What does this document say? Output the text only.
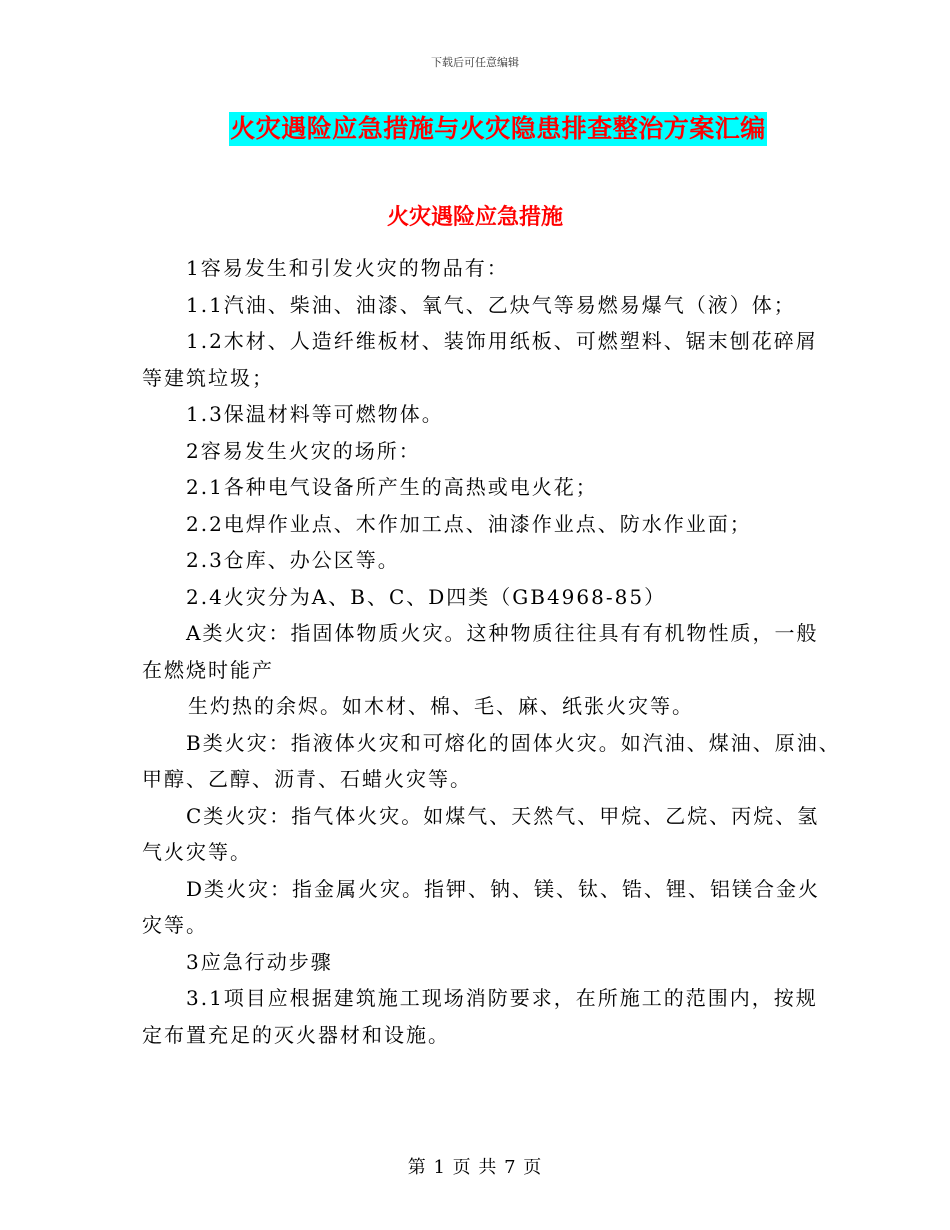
下载后可任意编辑
火灾遇险应急措施与火灾隐患排查整治方案汇编
火灾遇险应急措施

1容易发生和引发火灾的物品有：

1.1汽油、柴油、油漆、氧气、乙炔气等易燃易爆气（液）体；

1.2木材、人造纤维板材、装饰用纸板、可燃塑料、锯末刨花碎屑

等建筑垃圾；

1.3保温材料等可燃物体。

2容易发生火灾的场所：

2.1各种电气设备所产生的高热或电火花；

2.2电焊作业点、木作加工点、油漆作业点、防水作业面；

2.3仓库、办公区等。

2.4火灾分为A、B、C、D四类（GB4968-85）

A类火灾：指固体物质火灾。这种物质往往具有有机物性质，一般

在燃烧时能产

生灼热的余烬。如木材、棉、毛、麻、纸张火灾等。

B类火灾：指液体火灾和可熔化的固体火灾。如汽油、煤油、原油、

甲醇、乙醇、沥青、石蜡火灾等。

C类火灾：指气体火灾。如煤气、天然气、甲烷、乙烷、丙烷、氢

气火灾等。

D类火灾：指金属火灾。指钾、钠、镁、钛、锆、锂、铝镁合金火

灾等。

3应急行动步骤

3.1项目应根据建筑施工现场消防要求，在所施工的范围内，按规

定布置充足的灭火器材和设施。

第 1 页 共 7 页
